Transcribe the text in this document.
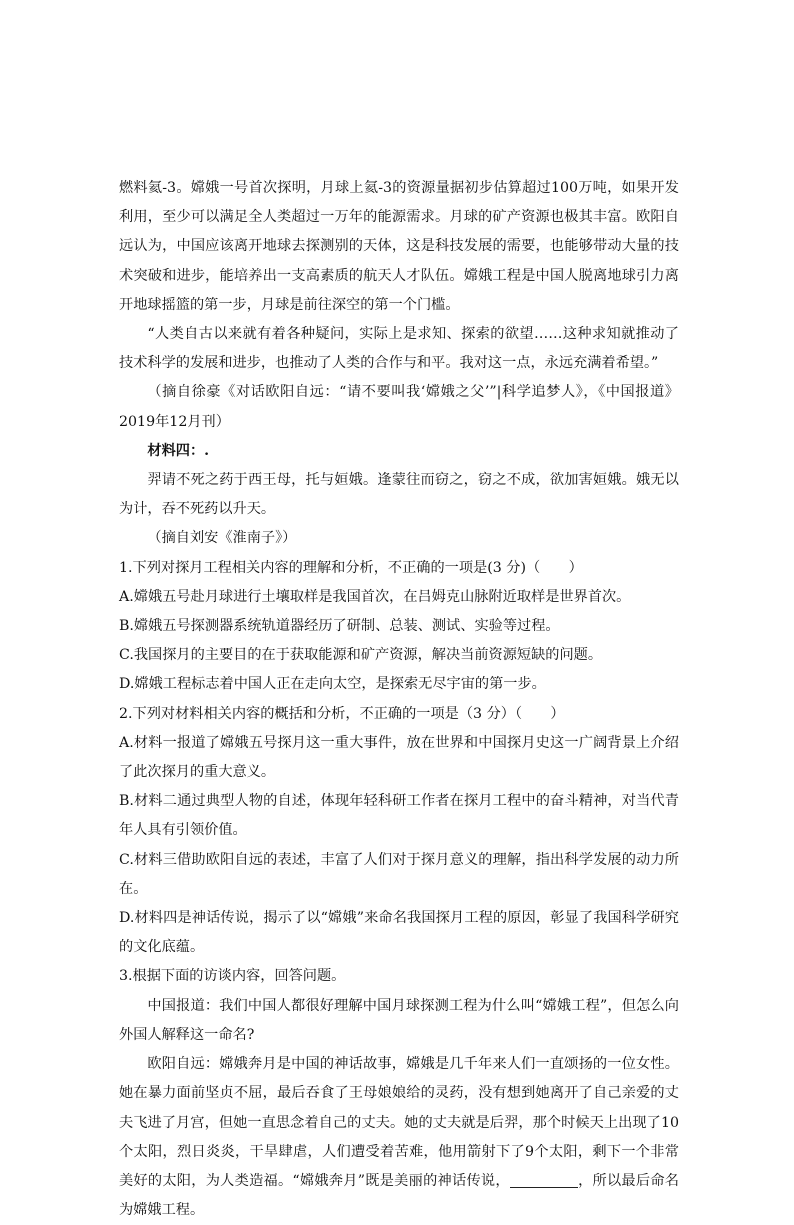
燃料氦-3。嫦娥一号首次探明，月球上氦-3的资源量据初步估算超过100万吨，如果开发利用，至少可以满足全人类超过一万年的能源需求。月球的矿产资源也极其丰富。欧阳自远认为，中国应该离开地球去探测别的天体，这是科技发展的需要，也能够带动大量的技术突破和进步，能培养出一支高素质的航天人才队伍。嫦娥工程是中国人脱离地球引力离开地球摇篮的第一步，月球是前往深空的第一个门槛。

“人类自古以来就有着各种疑问，实际上是求知、探索的欲望……这种求知就推动了技术科学的发展和进步，也推动了人类的合作与和平。我对这一点，永远充满着希望。”

（摘自徐豪《对话欧阳自远：“请不要叫我‘嫦娥之父’”|科学追梦人》，《中国报道》2019年12月刊）

材料四：.

羿请不死之药于西王母，托与姮娥。逢蒙往而窃之，窃之不成，欲加害姮娥。娥无以为计，吞不死药以升天。

（摘自刘安《淮南子》）

1.下列对探月工程相关内容的理解和分析，不正确的一项是(3 分)（　　）

A.嫦娥五号赴月球进行土壤取样是我国首次，在吕姆克山脉附近取样是世界首次。

B.嫦娥五号探测器系统轨道器经历了研制、总装、测试、实验等过程。

C.我国探月的主要目的在于获取能源和矿产资源，解决当前资源短缺的问题。

D.嫦娥工程标志着中国人正在走向太空，是探索无尽宇宙的第一步。

2.下列对材料相关内容的概括和分析，不正确的一项是（3 分）（　　）

A.材料一报道了嫦娥五号探月这一重大事件，放在世界和中国探月史这一广阔背景上介绍了此次探月的重大意义。

B.材料二通过典型人物的自述，体现年轻科研工作者在探月工程中的奋斗精神，对当代青年人具有引领价值。

C.材料三借助欧阳自远的表述，丰富了人们对于探月意义的理解，指出科学发展的动力所在。

D.材料四是神话传说，揭示了以“嫦娥”来命名我国探月工程的原因，彰显了我国科学研究的文化底蕴。

3.根据下面的访谈内容，回答问题。

中国报道：我们中国人都很好理解中国月球探测工程为什么叫“嫦娥工程”，但怎么向外国人解释这一命名?

欧阳自远：嫦娥奔月是中国的神话故事，嫦娥是几千年来人们一直颂扬的一位女性。她在暴力面前坚贞不屈，最后吞食了王母娘娘给的灵药，没有想到她离开了自己亲爱的丈夫飞进了月宫，但她一直思念着自己的丈夫。她的丈夫就是后羿，那个时候天上出现了10个太阳，烈日炎炎，干旱肆虐，人们遭受着苦难，他用箭射下了9个太阳，剩下一个非常美好的太阳，为人类造福。“嫦娥奔月”既是美丽的神话传说，	，所以最后命名为嫦娥工程。
